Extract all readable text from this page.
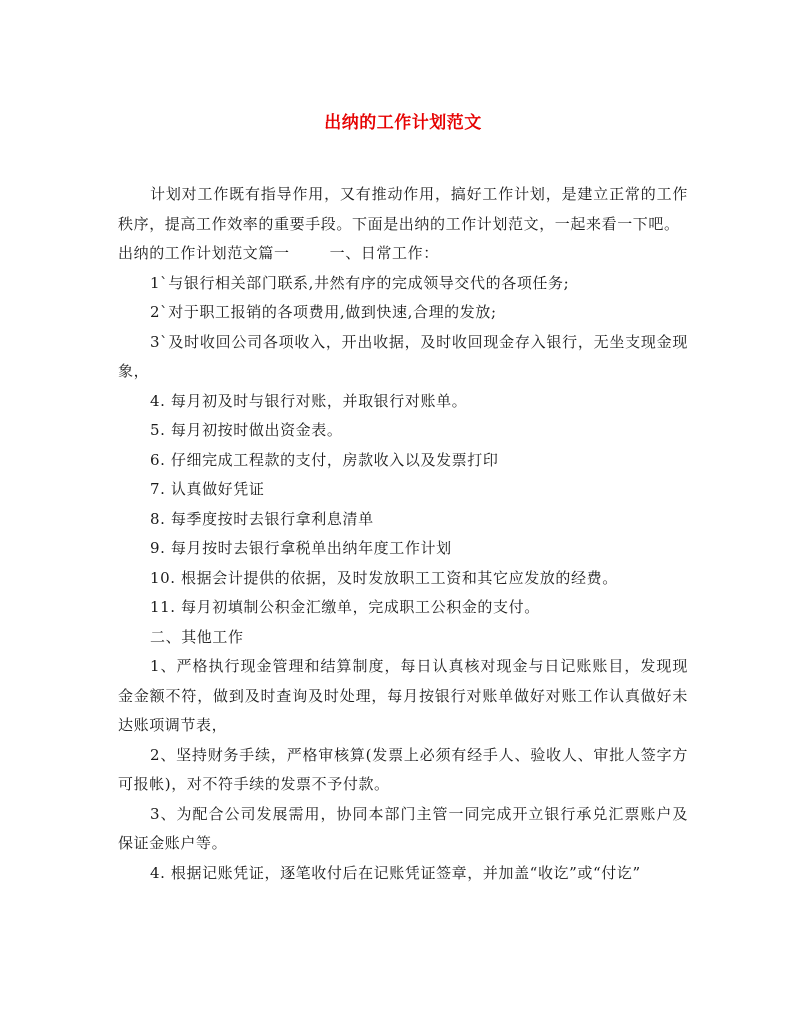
出纳的工作计划范文

计划对工作既有指导作用，又有推动作用，搞好工作计划，是建立正常的工作秩序，提高工作效率的重要手段。下面是出纳的工作计划范文，一起来看一下吧。

出纳的工作计划范文篇一	一、日常工作：

1`与银行相关部门联系,井然有序的完成领导交代的各项任务;

2`对于职工报销的各项费用,做到快速,合理的发放;

3`及时收回公司各项收入，开出收据，及时收回现金存入银行，无坐支现金现象，

4. 每月初及时与银行对账，并取银行对账单。

5. 每月初按时做出资金表。

6. 仔细完成工程款的支付，房款收入以及发票打印

7. 认真做好凭证

8. 每季度按时去银行拿利息清单

9. 每月按时去银行拿税单出纳年度工作计划

10. 根据会计提供的依据，及时发放职工工资和其它应发放的经费。

11. 每月初填制公积金汇缴单，完成职工公积金的支付。

二、其他工作

1、严格执行现金管理和结算制度，每日认真核对现金与日记账账目，发现现金金额不符，做到及时查询及时处理，每月按银行对账单做好对账工作认真做好未达账项调节表，

2、坚持财务手续，严格审核算(发票上必须有经手人、验收人、审批人签字方可报帐)，对不符手续的发票不予付款。

3、为配合公司发展需用，协同本部门主管一同完成开立银行承兑汇票账户及保证金账户等。

4. 根据记账凭证，逐笔收付后在记账凭证签章，并加盖“收讫”或“付讫”
